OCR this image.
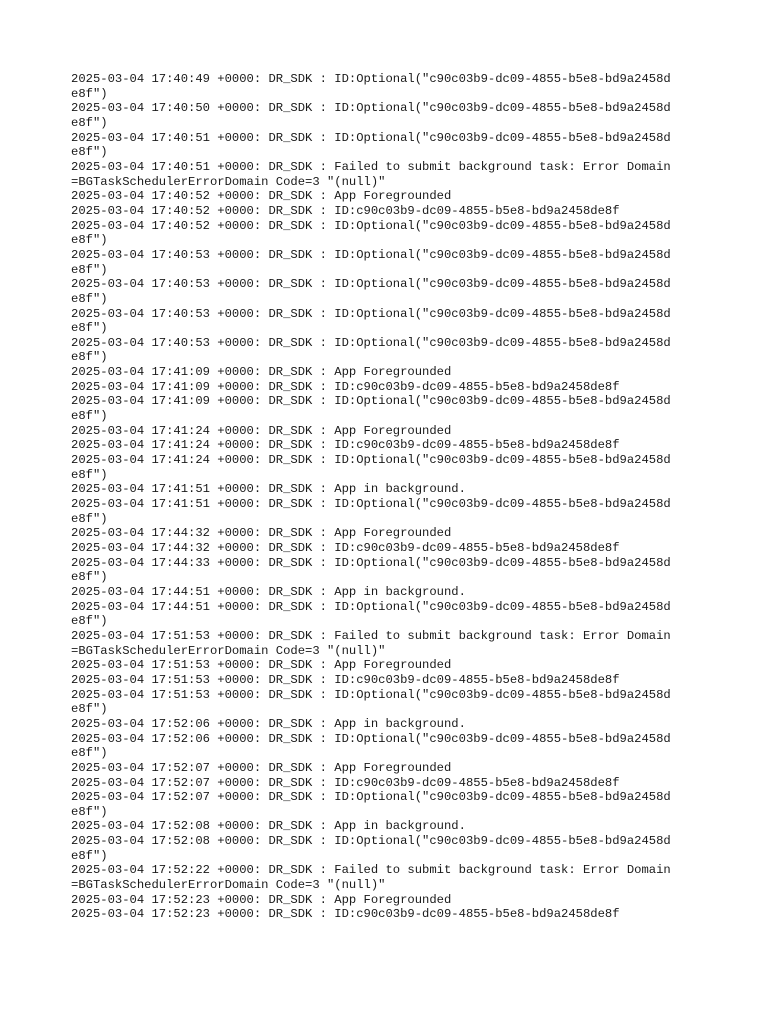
2025-03-04 17:40:49 +0000: DR_SDK : ID:Optional("c90c03b9-dc09-4855-b5e8-bd9a2458de8f")
2025-03-04 17:40:50 +0000: DR_SDK : ID:Optional("c90c03b9-dc09-4855-b5e8-bd9a2458de8f")
2025-03-04 17:40:51 +0000: DR_SDK : ID:Optional("c90c03b9-dc09-4855-b5e8-bd9a2458de8f")
2025-03-04 17:40:51 +0000: DR_SDK : Failed to submit background task: Error Domain=BGTaskSchedulerErrorDomain Code=3 "(null)"
2025-03-04 17:40:52 +0000: DR_SDK : App Foregrounded
2025-03-04 17:40:52 +0000: DR_SDK : ID:c90c03b9-dc09-4855-b5e8-bd9a2458de8f
2025-03-04 17:40:52 +0000: DR_SDK : ID:Optional("c90c03b9-dc09-4855-b5e8-bd9a2458de8f")
2025-03-04 17:40:53 +0000: DR_SDK : ID:Optional("c90c03b9-dc09-4855-b5e8-bd9a2458de8f")
2025-03-04 17:40:53 +0000: DR_SDK : ID:Optional("c90c03b9-dc09-4855-b5e8-bd9a2458de8f")
2025-03-04 17:40:53 +0000: DR_SDK : ID:Optional("c90c03b9-dc09-4855-b5e8-bd9a2458de8f")
2025-03-04 17:40:53 +0000: DR_SDK : ID:Optional("c90c03b9-dc09-4855-b5e8-bd9a2458de8f")
2025-03-04 17:41:09 +0000: DR_SDK : App Foregrounded
2025-03-04 17:41:09 +0000: DR_SDK : ID:c90c03b9-dc09-4855-b5e8-bd9a2458de8f
2025-03-04 17:41:09 +0000: DR_SDK : ID:Optional("c90c03b9-dc09-4855-b5e8-bd9a2458de8f")
2025-03-04 17:41:24 +0000: DR_SDK : App Foregrounded
2025-03-04 17:41:24 +0000: DR_SDK : ID:c90c03b9-dc09-4855-b5e8-bd9a2458de8f
2025-03-04 17:41:24 +0000: DR_SDK : ID:Optional("c90c03b9-dc09-4855-b5e8-bd9a2458de8f")
2025-03-04 17:41:51 +0000: DR_SDK : App in background.
2025-03-04 17:41:51 +0000: DR_SDK : ID:Optional("c90c03b9-dc09-4855-b5e8-bd9a2458de8f")
2025-03-04 17:44:32 +0000: DR_SDK : App Foregrounded
2025-03-04 17:44:32 +0000: DR_SDK : ID:c90c03b9-dc09-4855-b5e8-bd9a2458de8f
2025-03-04 17:44:33 +0000: DR_SDK : ID:Optional("c90c03b9-dc09-4855-b5e8-bd9a2458de8f")
2025-03-04 17:44:51 +0000: DR_SDK : App in background.
2025-03-04 17:44:51 +0000: DR_SDK : ID:Optional("c90c03b9-dc09-4855-b5e8-bd9a2458de8f")
2025-03-04 17:51:53 +0000: DR_SDK : Failed to submit background task: Error Domain=BGTaskSchedulerErrorDomain Code=3 "(null)"
2025-03-04 17:51:53 +0000: DR_SDK : App Foregrounded
2025-03-04 17:51:53 +0000: DR_SDK : ID:c90c03b9-dc09-4855-b5e8-bd9a2458de8f
2025-03-04 17:51:53 +0000: DR_SDK : ID:Optional("c90c03b9-dc09-4855-b5e8-bd9a2458de8f")
2025-03-04 17:52:06 +0000: DR_SDK : App in background.
2025-03-04 17:52:06 +0000: DR_SDK : ID:Optional("c90c03b9-dc09-4855-b5e8-bd9a2458de8f")
2025-03-04 17:52:07 +0000: DR_SDK : App Foregrounded
2025-03-04 17:52:07 +0000: DR_SDK : ID:c90c03b9-dc09-4855-b5e8-bd9a2458de8f
2025-03-04 17:52:07 +0000: DR_SDK : ID:Optional("c90c03b9-dc09-4855-b5e8-bd9a2458de8f")
2025-03-04 17:52:08 +0000: DR_SDK : App in background.
2025-03-04 17:52:08 +0000: DR_SDK : ID:Optional("c90c03b9-dc09-4855-b5e8-bd9a2458de8f")
2025-03-04 17:52:22 +0000: DR_SDK : Failed to submit background task: Error Domain=BGTaskSchedulerErrorDomain Code=3 "(null)"
2025-03-04 17:52:23 +0000: DR_SDK : App Foregrounded
2025-03-04 17:52:23 +0000: DR_SDK : ID:c90c03b9-dc09-4855-b5e8-bd9a2458de8f
